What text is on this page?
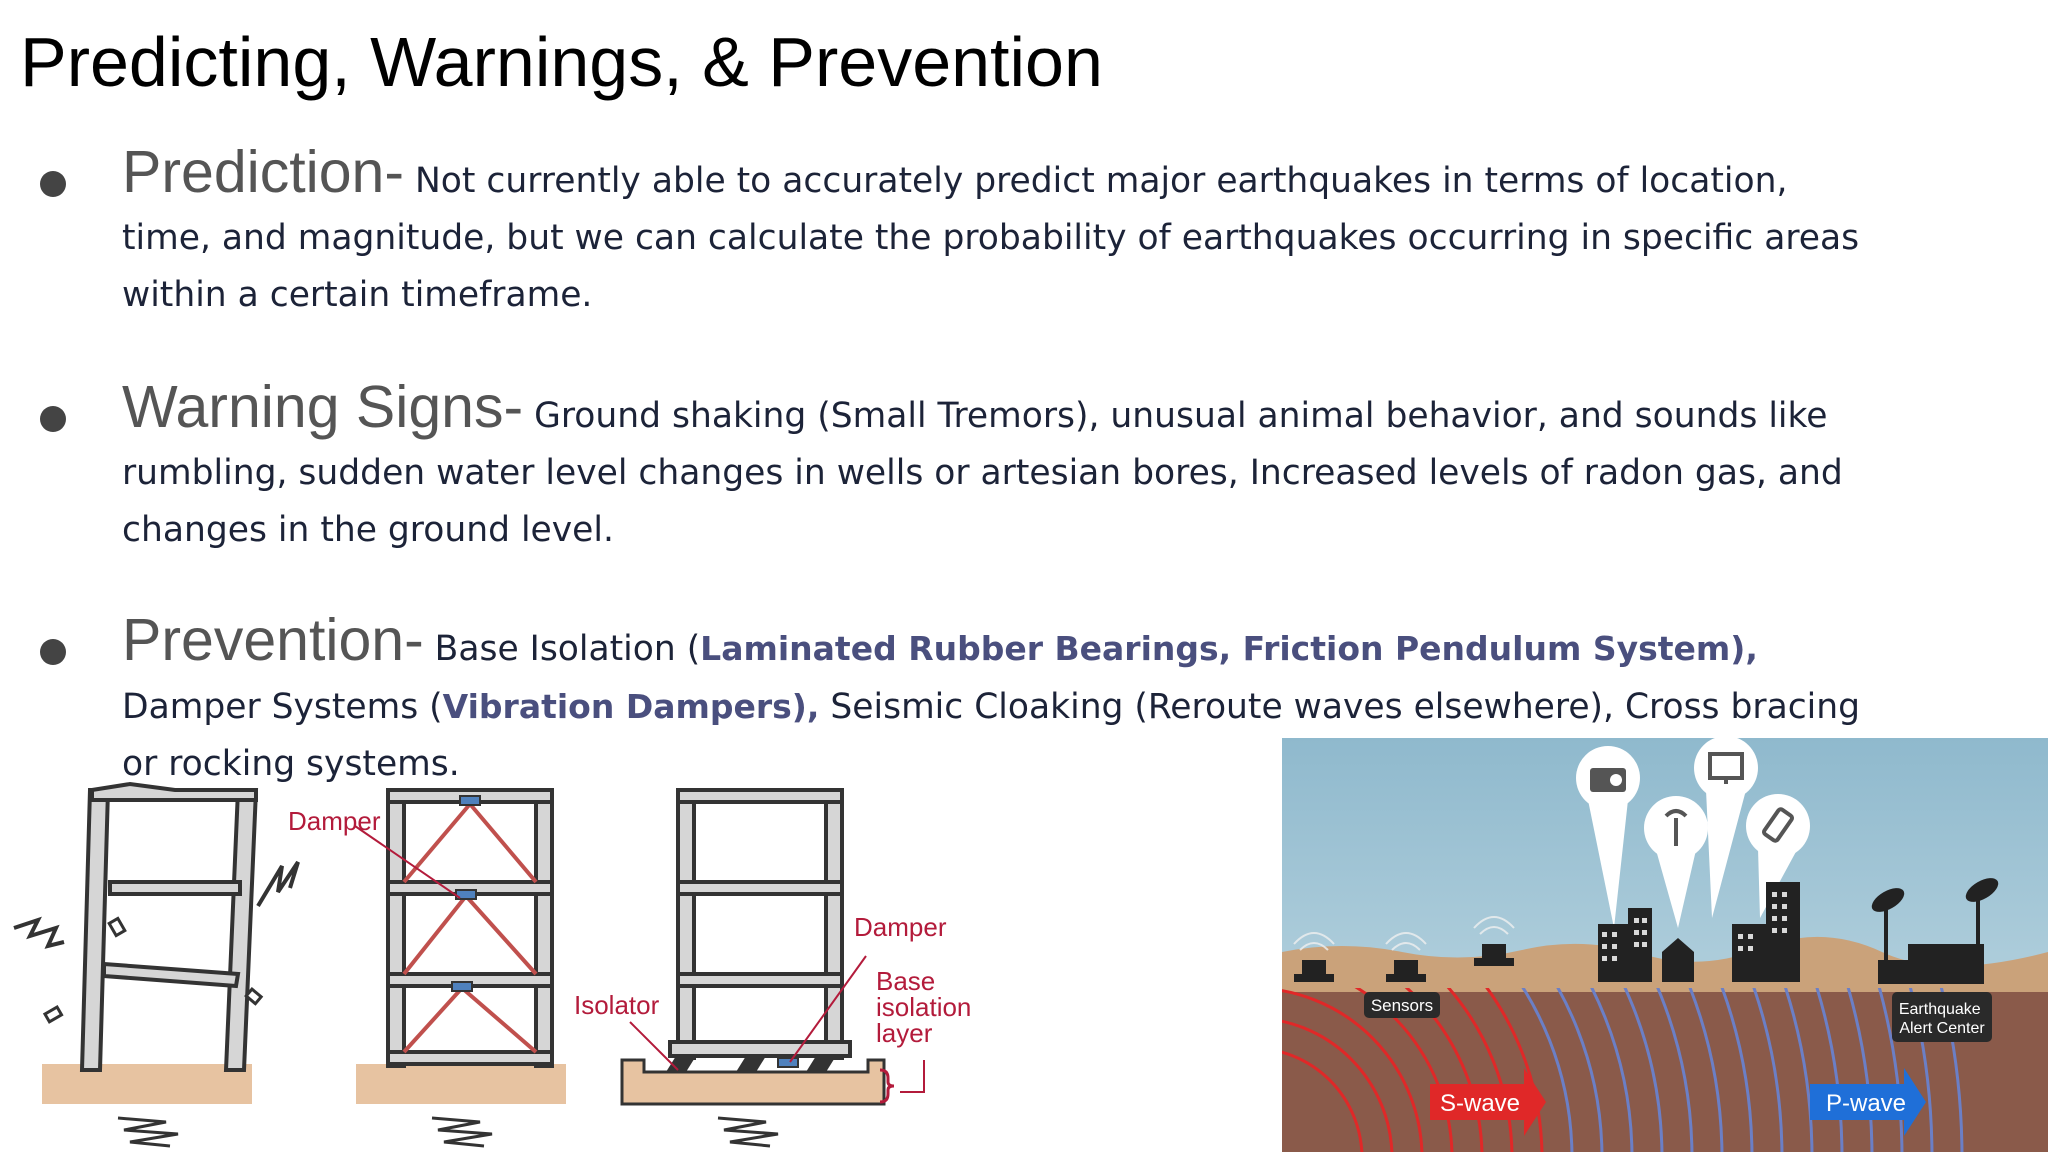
Predicting, Warnings, & Prevention
Prediction- Not currently able to accurately predict major earthquakes in terms of location, time, and magnitude, but we can calculate the probability of earthquakes occurring in specific areas within a certain timeframe.
Warning Signs- Ground shaking (Small Tremors), unusual animal behavior, and sounds like rumbling, sudden water level changes in wells or artesian bores, Increased levels of radon gas, and changes in the ground level.
Prevention- Base Isolation (Laminated Rubber Bearings, Friction Pendulum System), Damper Systems (Vibration Dampers), Seismic Cloaking (Reroute waves elsewhere), Cross bracing or rocking systems.
Damper
Isolator
Damper
Base isolation layer
Sensors	Earthquake Alert Center
S-wave	P-wave
